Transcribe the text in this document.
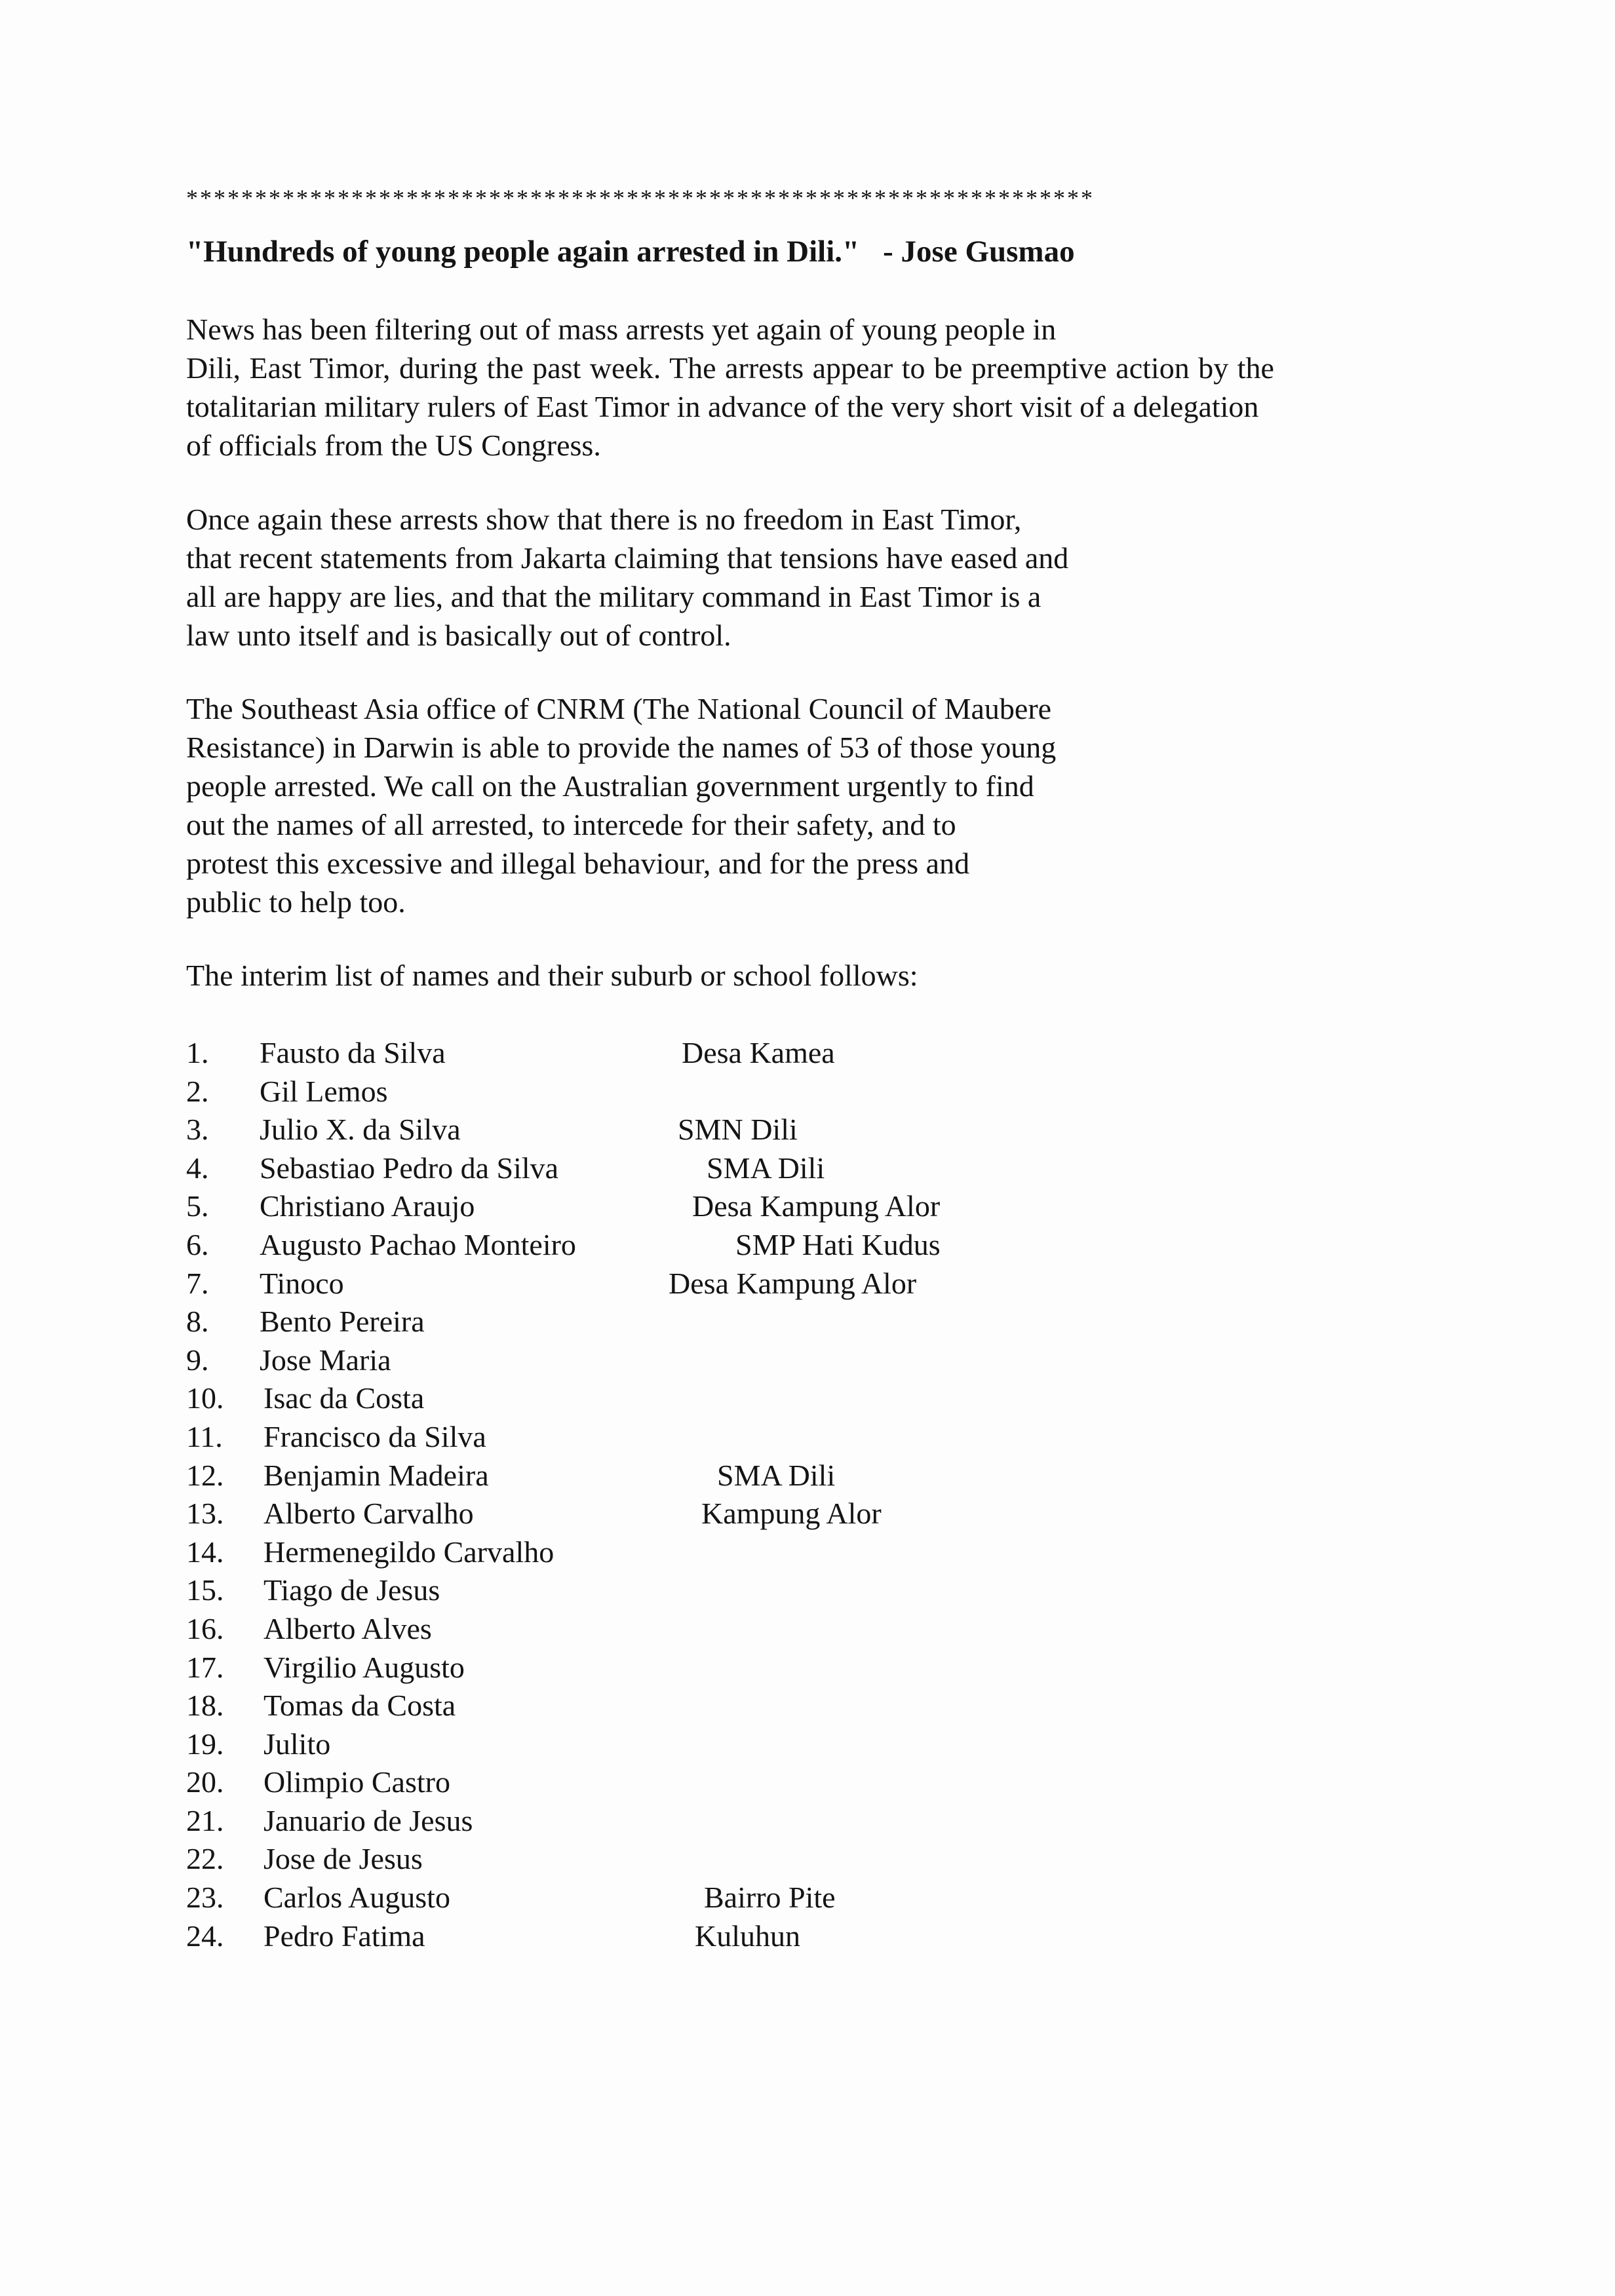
******************************************************************
"Hundreds of young people again arrested in Dili." - Jose Gusmao
News has been filtering out of mass arrests yet again of young people in
Dili, East Timor, during the past week. The arrests appear to be preemptive action by the
totalitarian military rulers of East Timor in advance of the very short visit of a delegation
of officials from the US Congress.
Once again these arrests show that there is no freedom in East Timor,
that recent statements from Jakarta claiming that tensions have eased and
all are happy are lies, and that the military command in East Timor is a
law unto itself and is basically out of control.
The Southeast Asia office of CNRM (The National Council of Maubere
Resistance) in Darwin is able to provide the names of 53 of those young
people arrested. We call on the Australian government urgently to find
out the names of all arrested, to intercede for their safety, and to
protest this excessive and illegal behaviour, and for the press and
public to help too.
The interim list of names and their suburb or school follows:
1. Fausto da Silva	Desa Kamea
2. Gil Lemos
3. Julio X. da Silva	SMN Dili
4. Sebastiao Pedro da Silva	SMA Dili
5. Christiano Araujo	Desa Kampung Alor
6. Augusto Pachao Monteiro	SMP Hati Kudus
7. Tinoco	Desa Kampung Alor
8. Bento Pereira
9. Jose Maria
10. Isac da Costa
11. Francisco da Silva
12. Benjamin Madeira	SMA Dili
13. Alberto Carvalho	Kampung Alor
14. Hermenegildo Carvalho
15. Tiago de Jesus
16. Alberto Alves
17. Virgilio Augusto
18. Tomas da Costa
19. Julito
20. Olimpio Castro
21. Januario de Jesus
22. Jose de Jesus
23. Carlos Augusto	Bairro Pite
24. Pedro Fatima	Kuluhun
